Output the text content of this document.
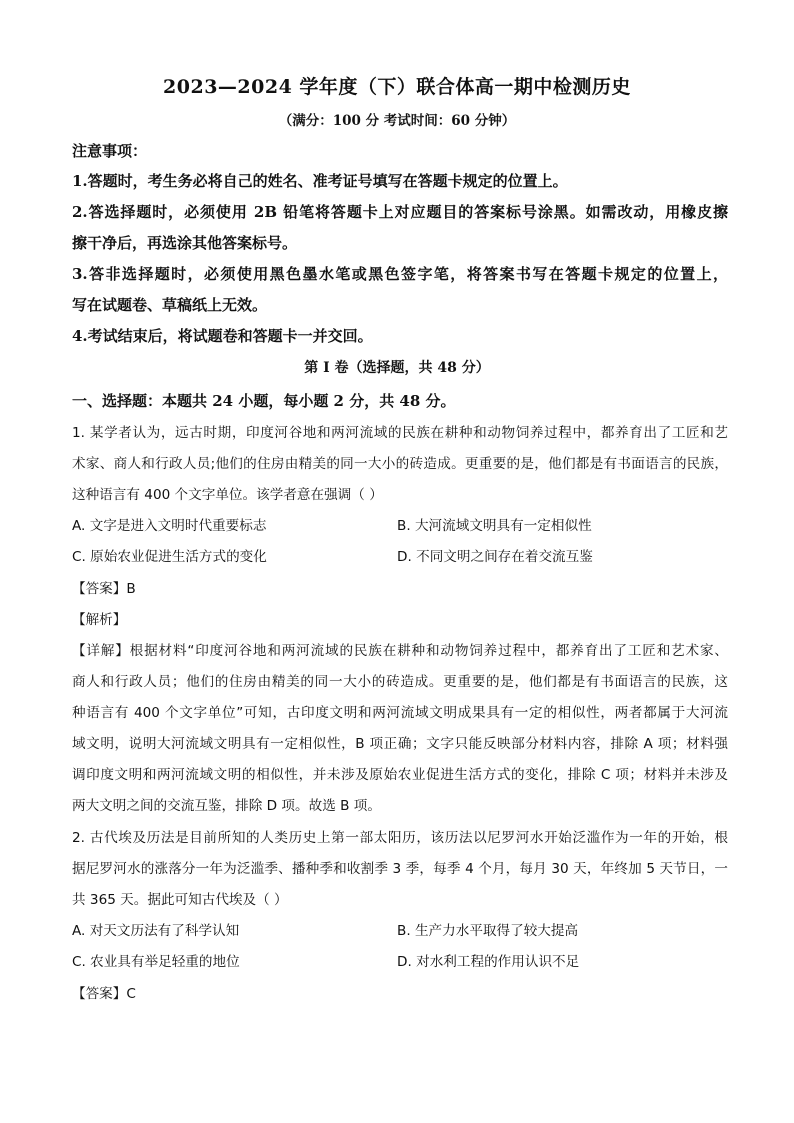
2023—2024 学年度（下）联合体高一期中检测历史
（满分：100 分 考试时间：60 分钟）
注意事项：
1.答题时，考生务必将自己的姓名、准考证号填写在答题卡规定的位置上。
2.答选择题时，必须使用 2B 铅笔将答题卡上对应题目的答案标号涂黑。如需改动，用橡皮擦
擦干净后，再选涂其他答案标号。
3.答非选择题时，必须使用黑色墨水笔或黑色签字笔，将答案书写在答题卡规定的位置上，
写在试题卷、草稿纸上无效。
4.考试结束后，将试题卷和答题卡一并交回。
第 I 卷（选择题，共 48 分）
一、选择题：本题共 24 小题，每小题 2 分，共 48 分。
1. 某学者认为，远古时期，印度河谷地和两河流域的民族在耕种和动物饲养过程中，都养育出了工匠和艺
术家、商人和行政人员;他们的住房由精美的同一大小的砖造成。更重要的是，他们都是有书面语言的民族，
这种语言有 400 个文字单位。该学者意在强调（ ）
A. 文字是进入文明时代重要标志	B. 大河流域文明具有一定相似性
C. 原始农业促进生活方式的变化	D. 不同文明之间存在着交流互鉴
【答案】B
【解析】
【详解】根据材料“印度河谷地和两河流域的民族在耕种和动物饲养过程中，都养育出了工匠和艺术家、
商人和行政人员；他们的住房由精美的同一大小的砖造成。更重要的是，他们都是有书面语言的民族，这
种语言有 400 个文字单位”可知，古印度文明和两河流域文明成果具有一定的相似性，两者都属于大河流
域文明，说明大河流域文明具有一定相似性，B 项正确；文字只能反映部分材料内容，排除 A 项；材料强
调印度文明和两河流域文明的相似性，并未涉及原始农业促进生活方式的变化，排除 C 项；材料并未涉及
两大文明之间的交流互鉴，排除 D 项。故选 B 项。
2. 古代埃及历法是目前所知的人类历史上第一部太阳历，该历法以尼罗河水开始泛滥作为一年的开始，根
据尼罗河水的涨落分一年为泛滥季、播种季和收割季 3 季，每季 4 个月，每月 30 天，年终加 5 天节日，一
共 365 天。据此可知古代埃及（ ）
A. 对天文历法有了科学认知	B. 生产力水平取得了较大提高
C. 农业具有举足轻重的地位	D. 对水利工程的作用认识不足
【答案】C
